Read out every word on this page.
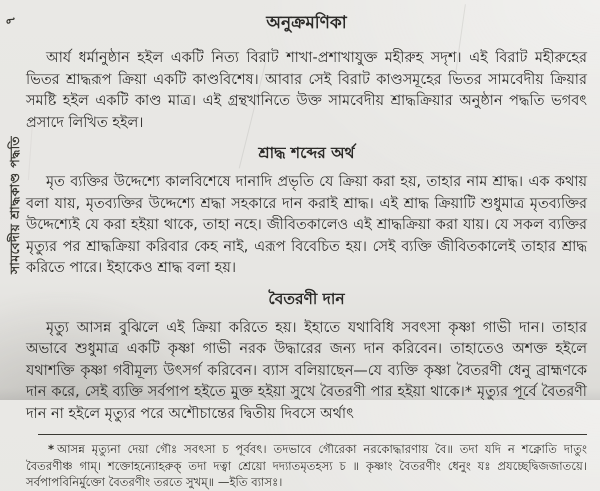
৭
সামবেদীয় শ্রাদ্ধকাণ্ড পদ্ধতি
অনুক্রমণিকা

আর্য ধর্মানুষ্ঠান হইল একটি নিত্য বিরাট শাখা-প্রশাখাযুক্ত মহীরুহ সদৃশ। এই বিরাট মহীরুহের ভিতর শ্রাদ্ধরূপ ক্রিয়া একটি কাণ্ডবিশেষ। আবার সেই বিরাট কাণ্ডসমূহের ভিতর সামবেদীয় ক্রিয়ার সমষ্টি হইল একটি কাণ্ড মাত্র। এই গ্রন্থখানিতে উক্ত সামবেদীয় শ্রাদ্ধক্রিয়ার অনুষ্ঠান পদ্ধতি ভগবৎ প্রসাদে লিখিত হইল।

শ্রাদ্ধ শব্দের অর্থ

মৃত ব্যক্তির উদ্দেশ্যে কালবিশেষে দানাদি প্রভৃতি যে ক্রিয়া করা হয়, তাহার নাম শ্রাদ্ধ। এক কথায় বলা যায়, মৃতব্যক্তির উদ্দেশ্যে শ্রদ্ধা সহকারে দান করাই শ্রাদ্ধ। এই শ্রাদ্ধ ক্রিয়াটি শুধুমাত্র মৃতব্যক্তির উদ্দেশ্যেই যে করা হইয়া থাকে, তাহা নহে। জীবিতকালেও এই শ্রাদ্ধক্রিয়া করা যায়। যে সকল ব্যক্তির মৃত্যুর পর শ্রাদ্ধক্রিয়া করিবার কেহ নাই, এরূপ বিবেচিত হয়। সেই ব্যক্তি জীবিতকালেই তাহার শ্রাদ্ধ করিতে পারে। ইহাকেও শ্রাদ্ধ বলা হয়।

বৈতরণী দান

মৃত্যু আসন্ন বুঝিলে এই ক্রিয়া করিতে হয়। ইহাতে যথাবিধি সবৎসা কৃষ্ণা গাভী দান। তাহার অভাবে শুধুমাত্র একটি কৃষ্ণা গাভী নরক উদ্ধারের জন্য দান করিবেন। তাহাতেও অশক্ত হইলে যথাশক্তি কৃষ্ণা গবীমূল্য উৎসর্গ করিবেন। ব্যাস বলিয়াছেন—যে ব্যক্তি কৃষ্ণা বৈতরণী ধেনু ব্রাহ্মণকে দান করে, সেই ব্যক্তি সর্বপাপ হইতে মুক্ত হইয়া সুখে বৈতরণী পার হইয়া থাকে।* মৃত্যুর পূর্বে বৈতরণী দান না হইলে মৃত্যুর পরে অশৌচান্তের দ্বিতীয় দিবসে অর্থাৎ

* আসন্ন মৃত্যুনা দেয়া গৌঃ সবৎসা চ পূর্ববৎ। তদভাবে গৌরেকা নরকোদ্ধারণায় বৈ॥ তদা যদি ন শক্নোতি দাতুং বৈতরণীঞ্চ গাম্। শক্তোহন্যোহরুক্ তদা দত্বা শ্রেয়ো দদ্যাতমৃতহস্য চ ॥ কৃষ্ণাং বৈতরণীং ধেনুং যঃ প্রযচ্ছেদ্বিজজাতয়ে। সর্বপাপবিনির্মুক্তো বৈতরণীং তরতে সুখম্॥ —ইতি ব্যাসঃ।
